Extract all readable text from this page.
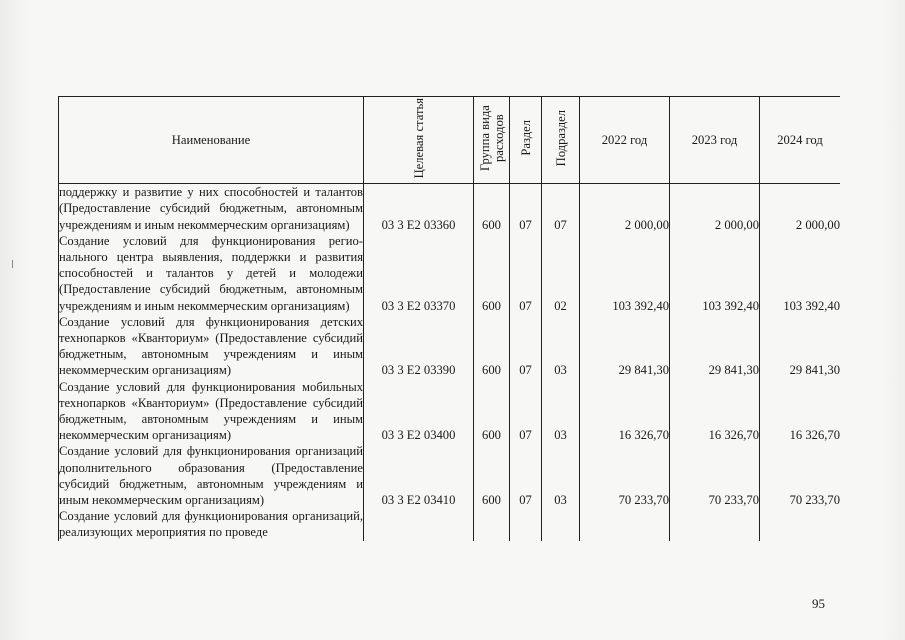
Наименование	Целевая статья	Группа вида расходов	Раздел	Подраздел	2022 год	2023 год	2024 год
поддержку и развитие у них способностей и талантов (Предоставление субсидий бюджетным, автономным учреждениям и иным некоммерческим организациям)	03 3 E2 03360	600	07	07	2 000,00	2 000,00	2 000,00
Создание условий для функционирования регионального центра выявления, поддержки и развития способностей и талантов у детей и молодежи (Предоставление субсидий бюджетным, автономным учреждениям и иным некоммерческим организациям)	03 3 E2 03370	600	07	02	103 392,40	103 392,40	103 392,40
Создание условий для функционирования детских технопарков «Кванториум» (Предоставление субсидий бюджетным, автономным учреждениям и иным некоммерческим организациям)	03 3 E2 03390	600	07	03	29 841,30	29 841,30	29 841,30
Создание условий для функционирования мобильных технопарков «Кванториум» (Предоставление субсидий бюджетным, автономным учреждениям и иным некоммерческим организациям)	03 3 E2 03400	600	07	03	16 326,70	16 326,70	16 326,70
Создание условий для функционирования организаций дополнительного образования (Предоставление субсидий бюджетным, автономным учреждениям и иным некоммерческим организациям)	03 3 E2 03410	600	07	03	70 233,70	70 233,70	70 233,70
Создание условий для функционирования организаций, реализующих мероприятия по проведе							
95
